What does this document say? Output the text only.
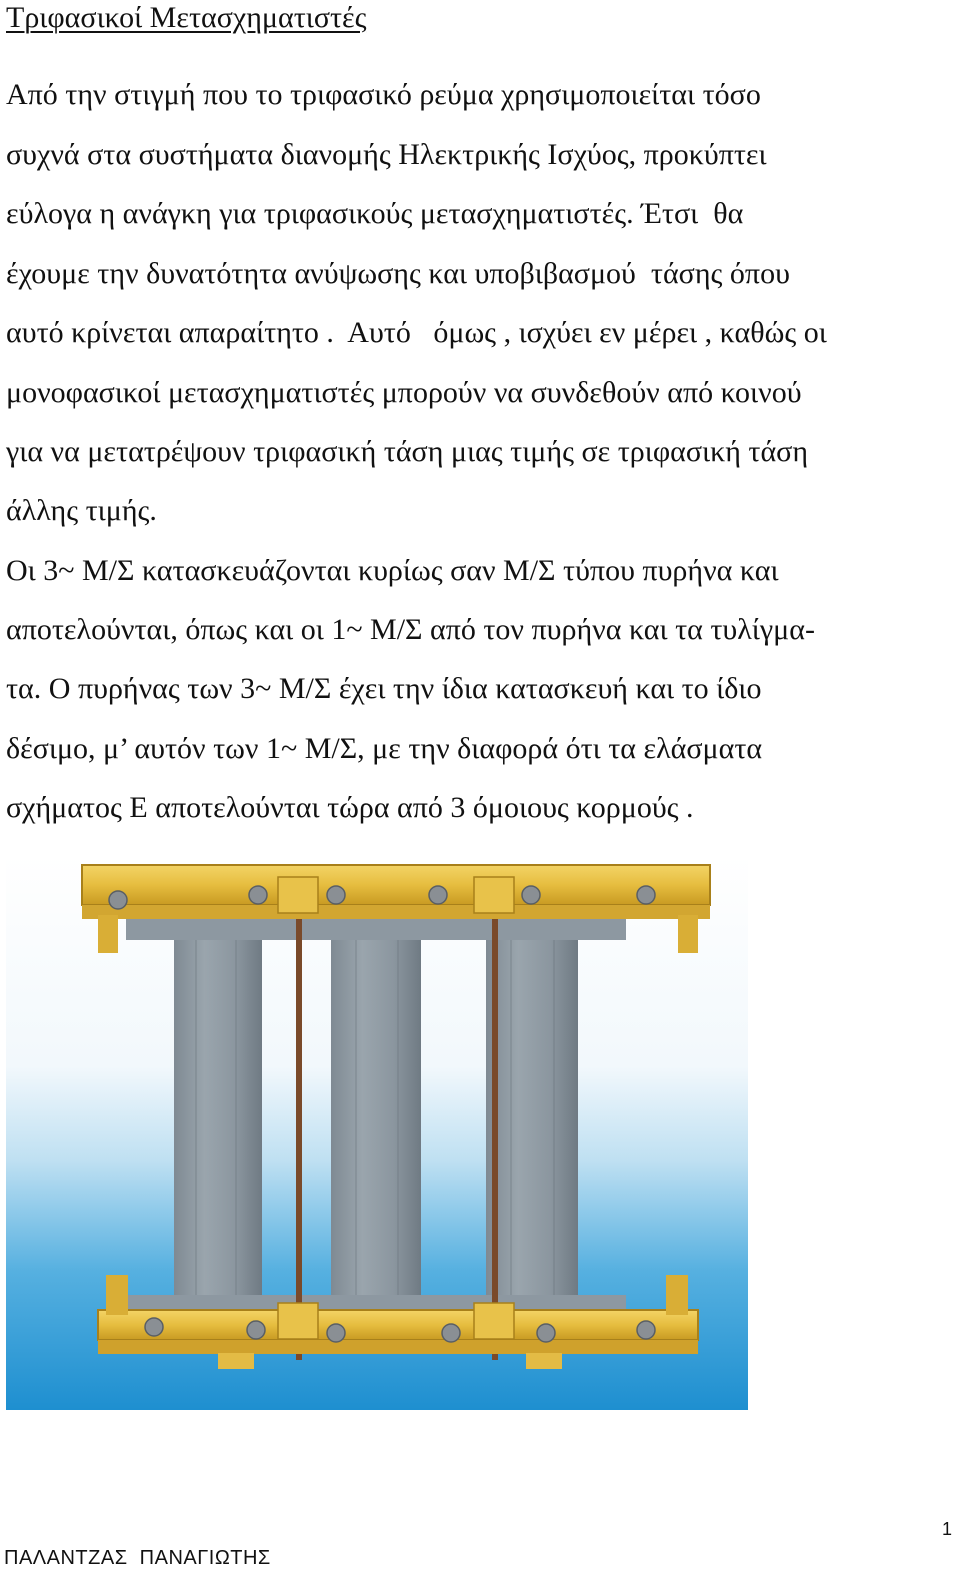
Τριφασικοί Μετασχηματιστές
Από την στιγμή που το τριφασικό ρεύμα χρησιμοποιείται τόσο
συχνά στα συστήματα διανομής Ηλεκτρικής Ισχύος, προκύπτει
εύλογα η ανάγκη για τριφασικούς μετασχηματιστές. Έτσι  θα
έχουμε την δυνατότητα ανύψωσης και υποβιβασμού  τάσης όπου
αυτό κρίνεται απαραίτητο .  Αυτό   όμως , ισχύει εν μέρει , καθώς οι
μονοφασικοί μετασχηματιστές μπορούν να συνδεθούν από κοινού
για να μετατρέψουν τριφασική τάση μιας τιμής σε τριφασική τάση
άλλης τιμής.
Οι 3~ Μ/Σ κατασκευάζονται κυρίως σαν Μ/Σ τύπου πυρήνα και
αποτελούνται, όπως και οι 1~ Μ/Σ από τον πυρήνα και τα τυλίγμα-
τα. Ο πυρήνας των 3~ Μ/Σ έχει την ίδια κατασκευή και το ίδιο
δέσιμο, μ’ αυτόν των 1~ Μ/Σ, με την διαφορά ότι τα ελάσματα
σχήματος Ε αποτελούνται τώρα από 3 όμοιους κορμούς .
1
ΠΑΛΑΝΤΖΑΣ  ΠΑΝΑΓΙΩΤΗΣ
